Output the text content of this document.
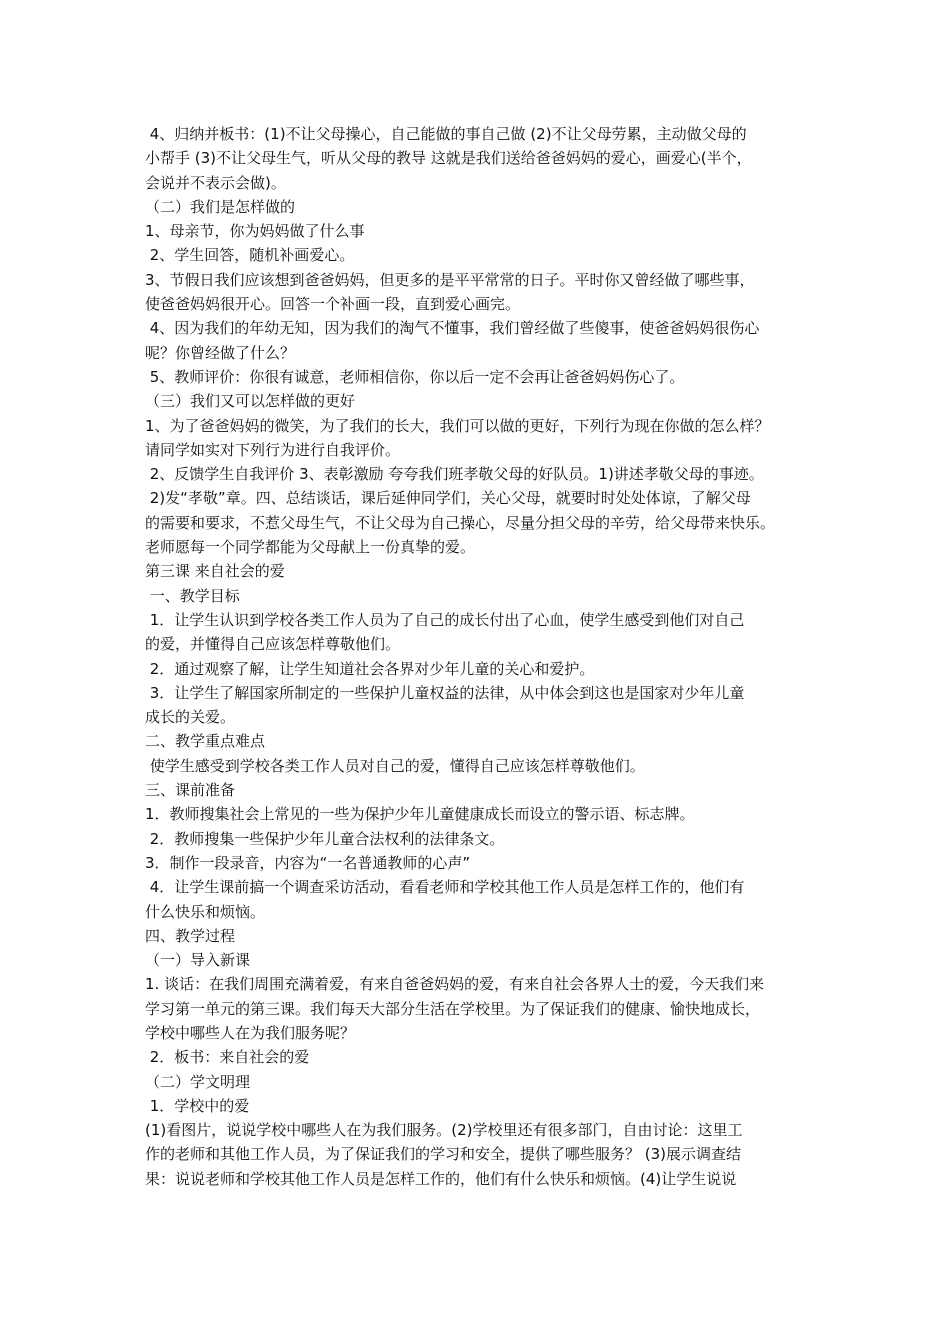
4、归纳并板书：(1)不让父母操心，自己能做的事自己做 (2)不让父母劳累，主动做父母的
小帮手 (3)不让父母生气，听从父母的教导 这就是我们送给爸爸妈妈的爱心，画爱心(半个，
会说并不表示会做)。
（二）我们是怎样做的
1、母亲节，你为妈妈做了什么事
2、学生回答，随机补画爱心。
3、节假日我们应该想到爸爸妈妈，但更多的是平平常常的日子。平时你又曾经做了哪些事，
使爸爸妈妈很开心。回答一个补画一段，直到爱心画完。
4、因为我们的年幼无知，因为我们的淘气不懂事，我们曾经做了些傻事，使爸爸妈妈很伤心
呢？你曾经做了什么？
5、教师评价：你很有诚意，老师相信你，你以后一定不会再让爸爸妈妈伤心了。
（三）我们又可以怎样做的更好
1、为了爸爸妈妈的微笑，为了我们的长大，我们可以做的更好，下列行为现在你做的怎么样？
请同学如实对下列行为进行自我评价。
2、反馈学生自我评价 3、表彰激励 夸夸我们班孝敬父母的好队员。1)讲述孝敬父母的事迹。
2)发“孝敬”章。四、总结谈话，课后延伸同学们，关心父母，就要时时处处体谅，了解父母
的需要和要求，不惹父母生气，不让父母为自己操心，尽量分担父母的辛劳，给父母带来快乐。
老师愿每一个同学都能为父母献上一份真挚的爱。
第三课 来自社会的爱
一、教学目标
1．让学生认识到学校各类工作人员为了自己的成长付出了心血，使学生感受到他们对自己
的爱，并懂得自己应该怎样尊敬他们。
2．通过观察了解，让学生知道社会各界对少年儿童的关心和爱护。
3．让学生了解国家所制定的一些保护儿童权益的法律，从中体会到这也是国家对少年儿童
成长的关爱。
二、教学重点难点
使学生感受到学校各类工作人员对自己的爱，懂得自己应该怎样尊敬他们。
三、课前准备
1．教师搜集社会上常见的一些为保护少年儿童健康成长而设立的警示语、标志牌。
2．教师搜集一些保护少年儿童合法权利的法律条文。
3．制作一段录音，内容为“一名普通教师的心声”
4．让学生课前搞一个调查采访活动，看看老师和学校其他工作人员是怎样工作的，他们有
什么快乐和烦恼。
四、教学过程
（一）导入新课
1. 谈话：在我们周围充满着爱，有来自爸爸妈妈的爱，有来自社会各界人士的爱，今天我们来
学习第一单元的第三课。我们每天大部分生活在学校里。为了保证我们的健康、愉快地成长，
学校中哪些人在为我们服务呢？
2．板书：来自社会的爱
（二）学文明理
1．学校中的爱
(1)看图片，说说学校中哪些人在为我们服务。(2)学校里还有很多部门，自由讨论：这里工
作的老师和其他工作人员，为了保证我们的学习和安全，提供了哪些服务？ (3)展示调查结
果：说说老师和学校其他工作人员是怎样工作的，他们有什么快乐和烦恼。(4)让学生说说
